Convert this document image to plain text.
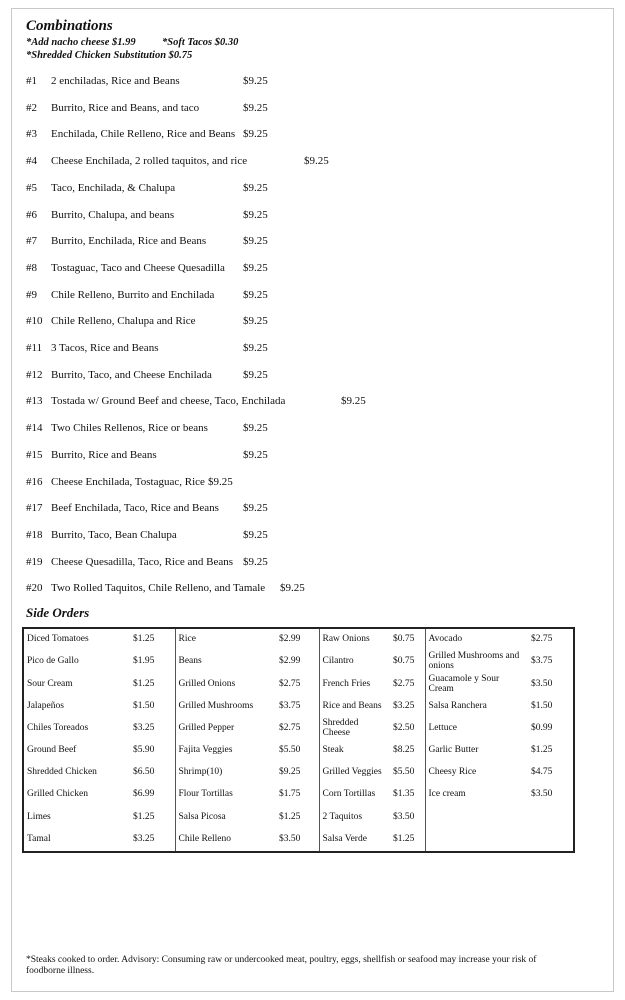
Combinations
*Add nacho cheese $1.99	*Soft Tacos $0.30
*Shredded Chicken Substitution $0.75
#1 2 enchiladas, Rice and Beans	$9.25
#2 Burrito, Rice and Beans, and taco	$9.25
#3 Enchilada, Chile Relleno, Rice and Beans $9.25
#4 Cheese Enchilada, 2 rolled taquitos, and rice	$9.25
#5 Taco, Enchilada, & Chalupa	$9.25
#6 Burrito, Chalupa, and beans	$9.25
#7 Burrito, Enchilada, Rice and Beans	$9.25
#8 Tostaguac, Taco and Cheese Quesadilla $9.25
#9 Chile Relleno, Burrito and Enchilada	$9.25
#10 Chile Relleno, Chalupa and Rice	$9.25
#11 3 Tacos, Rice and Beans	$9.25
#12 Burrito, Taco, and Cheese Enchilada	$9.25
#13 Tostada w/ Ground Beef and cheese, Taco, Enchilada	$9.25
#14 Two Chiles Rellenos, Rice or beans	$9.25
#15 Burrito, Rice and Beans	$9.25
#16 Cheese Enchilada, Tostaguac, Rice $9.25
#17 Beef Enchilada, Taco, Rice and Beans $9.25
#18 Burrito, Taco, Bean Chalupa	$9.25
#19 Cheese Quesadilla, Taco, Rice and Beans $9.25
#20 Two Rolled Taquitos, Chile Relleno, and Tamale $9.25
Side Orders
Diced Tomatoes	$1.25	Rice	$2.99	Raw Onions	$0.75	Avocado	$2.75
Pico de Gallo	$1.95	Beans	$2.99	Cilantro	$0.75	Grilled Mushrooms and onions	$3.75
Sour Cream	$1.25	Grilled Onions	$2.75	French Fries	$2.75	Guacamole y Sour Cream	$3.50
Jalapeños	$1.50	Grilled Mushrooms	$3.75	Rice and Beans	$3.25	Salsa Ranchera	$1.50
Chiles Toreados	$3.25	Grilled Pepper	$2.75	Shredded Cheese	$2.50	Lettuce	$0.99
Ground Beef	$5.90	Fajita Veggies	$5.50	Steak	$8.25	Garlic Butter	$1.25
Shredded Chicken	$6.50	Shrimp(10)	$9.25	Grilled Veggies	$5.50	Cheesy Rice	$4.75
Grilled Chicken	$6.99	Flour Tortillas	$1.75	Corn Tortillas	$1.35	Ice cream	$3.50
Limes	$1.25	Salsa Picosa	$1.25	2 Taquitos	$3.50		
Tamal	$3.25	Chile Relleno	$3.50	Salsa Verde	$1.25		
*Steaks cooked to order. Advisory: Consuming raw or undercooked meat, poultry, eggs, shellfish or seafood may increase your risk of foodborne illness.
